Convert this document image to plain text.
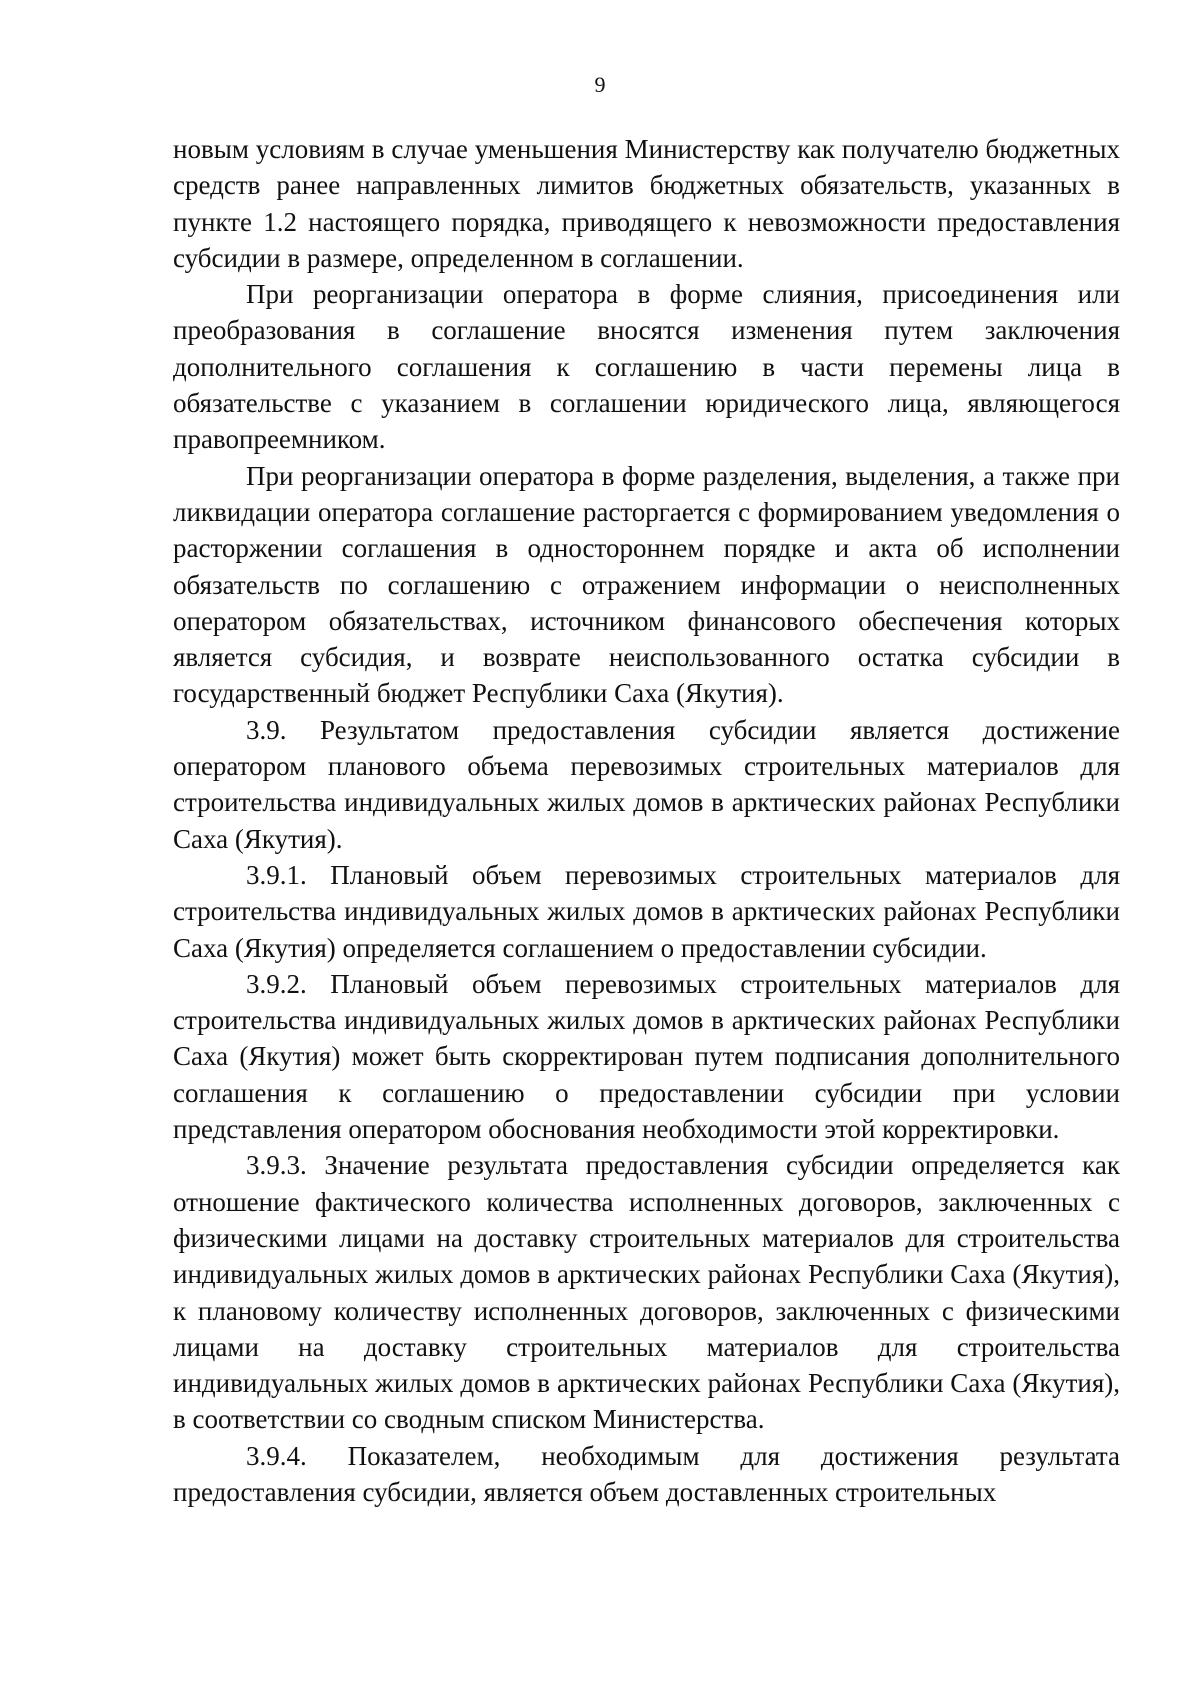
9

новым условиям в случае уменьшения Министерству как получателю бюджетных средств ранее направленных лимитов бюджетных обязательств, указанных в пункте 1.2 настоящего порядка, приводящего к невозможности предоставления субсидии в размере, определенном в соглашении.

При реорганизации оператора в форме слияния, присоединения или преобразования в соглашение вносятся изменения путем заключения дополнительного соглашения к соглашению в части перемены лица в обязательстве с указанием в соглашении юридического лица, являющегося правопреемником.

При реорганизации оператора в форме разделения, выделения, а также при ликвидации оператора соглашение расторгается с формированием уведомления о расторжении соглашения в одностороннем порядке и акта об исполнении обязательств по соглашению с отражением информации о неисполненных оператором обязательствах, источником финансового обеспечения которых является субсидия, и возврате неиспользованного остатка субсидии в государственный бюджет Республики Саха (Якутия).

3.9. Результатом предоставления субсидии является достижение оператором планового объема перевозимых строительных материалов для строительства индивидуальных жилых домов в арктических районах Республики Саха (Якутия).

3.9.1. Плановый объем перевозимых строительных материалов для строительства индивидуальных жилых домов в арктических районах Республики Саха (Якутия) определяется соглашением о предоставлении субсидии.

3.9.2. Плановый объем перевозимых строительных материалов для строительства индивидуальных жилых домов в арктических районах Республики Саха (Якутия) может быть скорректирован путем подписания дополнительного соглашения к соглашению о предоставлении субсидии при условии представления оператором обоснования необходимости этой корректировки.

3.9.3. Значение результата предоставления субсидии определяется как отношение фактического количества исполненных договоров, заключенных с физическими лицами на доставку строительных материалов для строительства индивидуальных жилых домов в арктических районах Республики Саха (Якутия), к плановому количеству исполненных договоров, заключенных с физическими лицами на доставку строительных материалов для строительства индивидуальных жилых домов в арктических районах Республики Саха (Якутия), в соответствии со сводным списком Министерства.

3.9.4. Показателем, необходимым для достижения результата предоставления субсидии, является объем доставленных строительных
